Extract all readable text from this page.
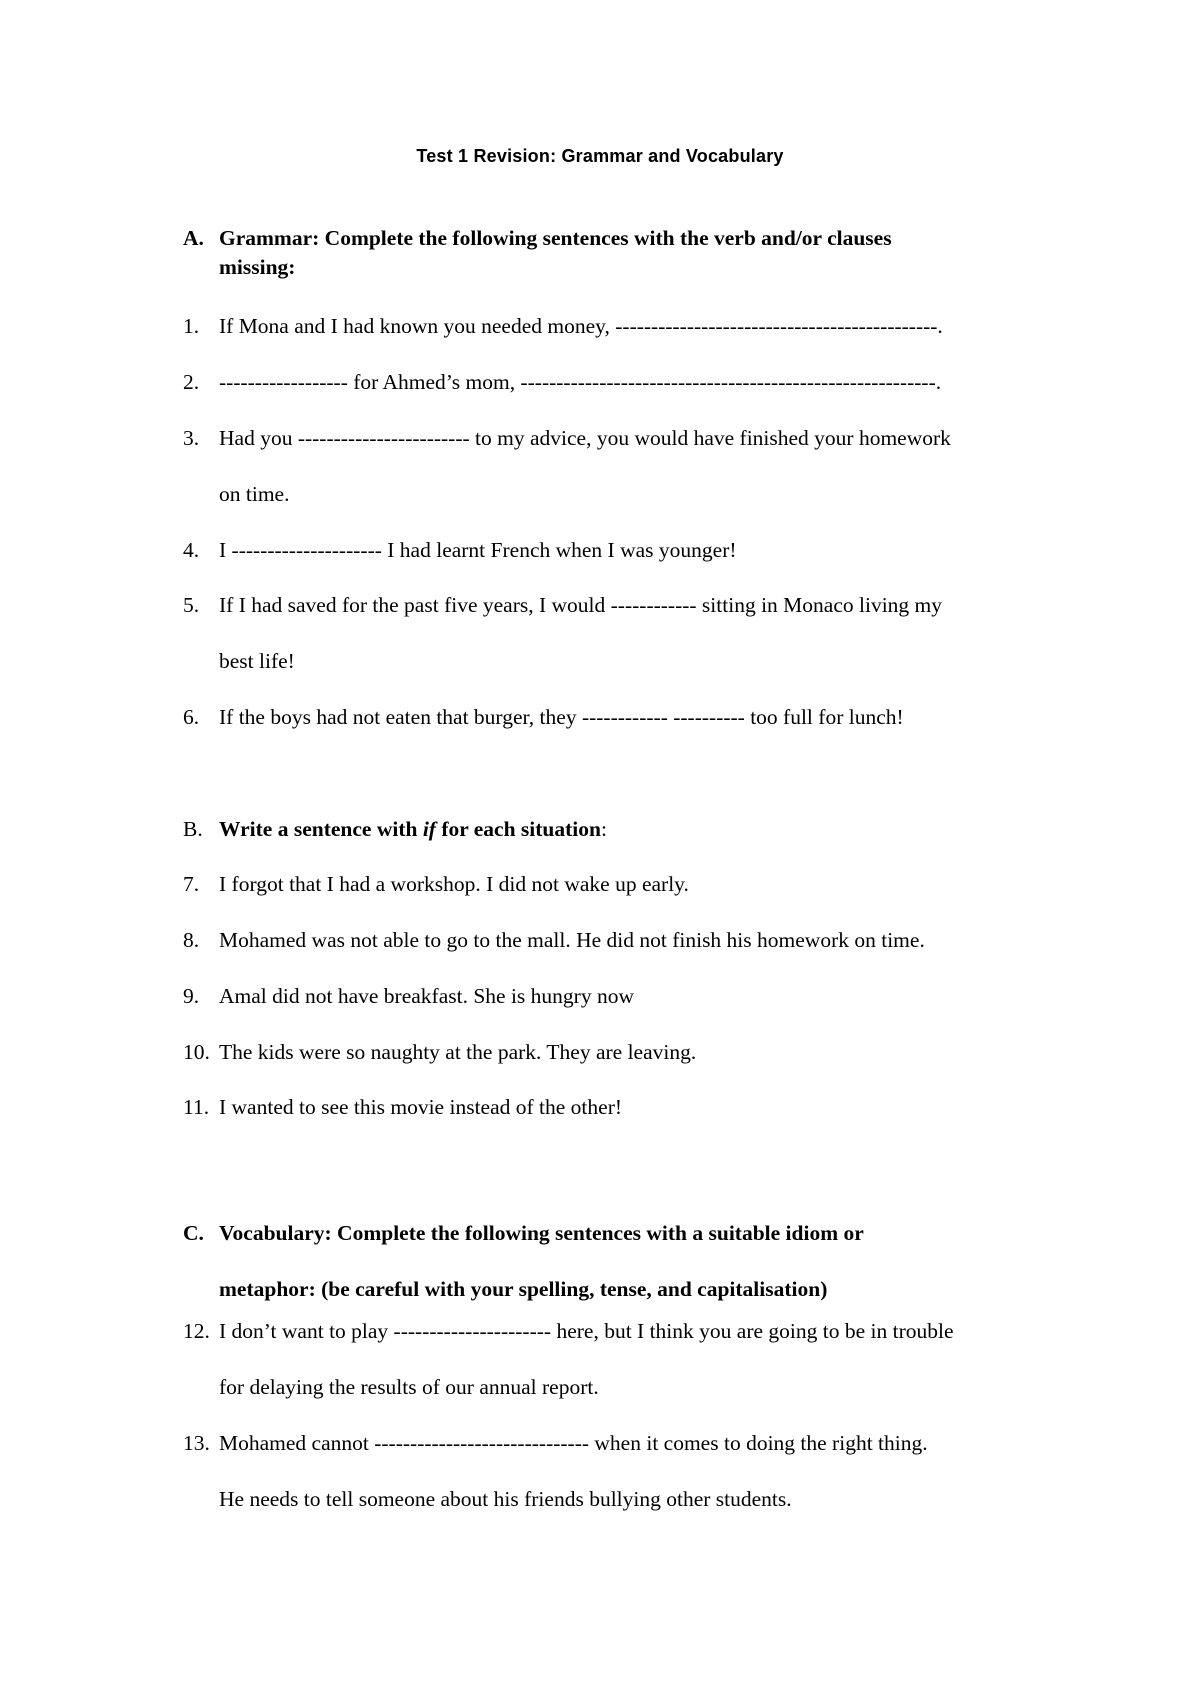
Test 1 Revision: Grammar and Vocabulary
A. Grammar: Complete the following sentences with the verb and/or clauses
missing:
1. If Mona and I had known you needed money, ---------------------------------------------.
2. ------------------ for Ahmed’s mom, ----------------------------------------------------------.
3. Had you ------------------------ to my advice, you would have finished your homework
on time.
4. I --------------------- I had learnt French when I was younger!
5. If I had saved for the past five years, I would ------------ sitting in Monaco living my
best life!
6. If the boys had not eaten that burger, they ------------ ---------- too full for lunch!
B. Write a sentence with if for each situation:
7. I forgot that I had a workshop. I did not wake up early.
8. Mohamed was not able to go to the mall. He did not finish his homework on time.
9. Amal did not have breakfast. She is hungry now
10. The kids were so naughty at the park. They are leaving.
11. I wanted to see this movie instead of the other!
C. Vocabulary: Complete the following sentences with a suitable idiom or
metaphor: (be careful with your spelling, tense, and capitalisation)
12. I don’t want to play ---------------------- here, but I think you are going to be in trouble
for delaying the results of our annual report.
13. Mohamed cannot ------------------------------ when it comes to doing the right thing.
He needs to tell someone about his friends bullying other students.
